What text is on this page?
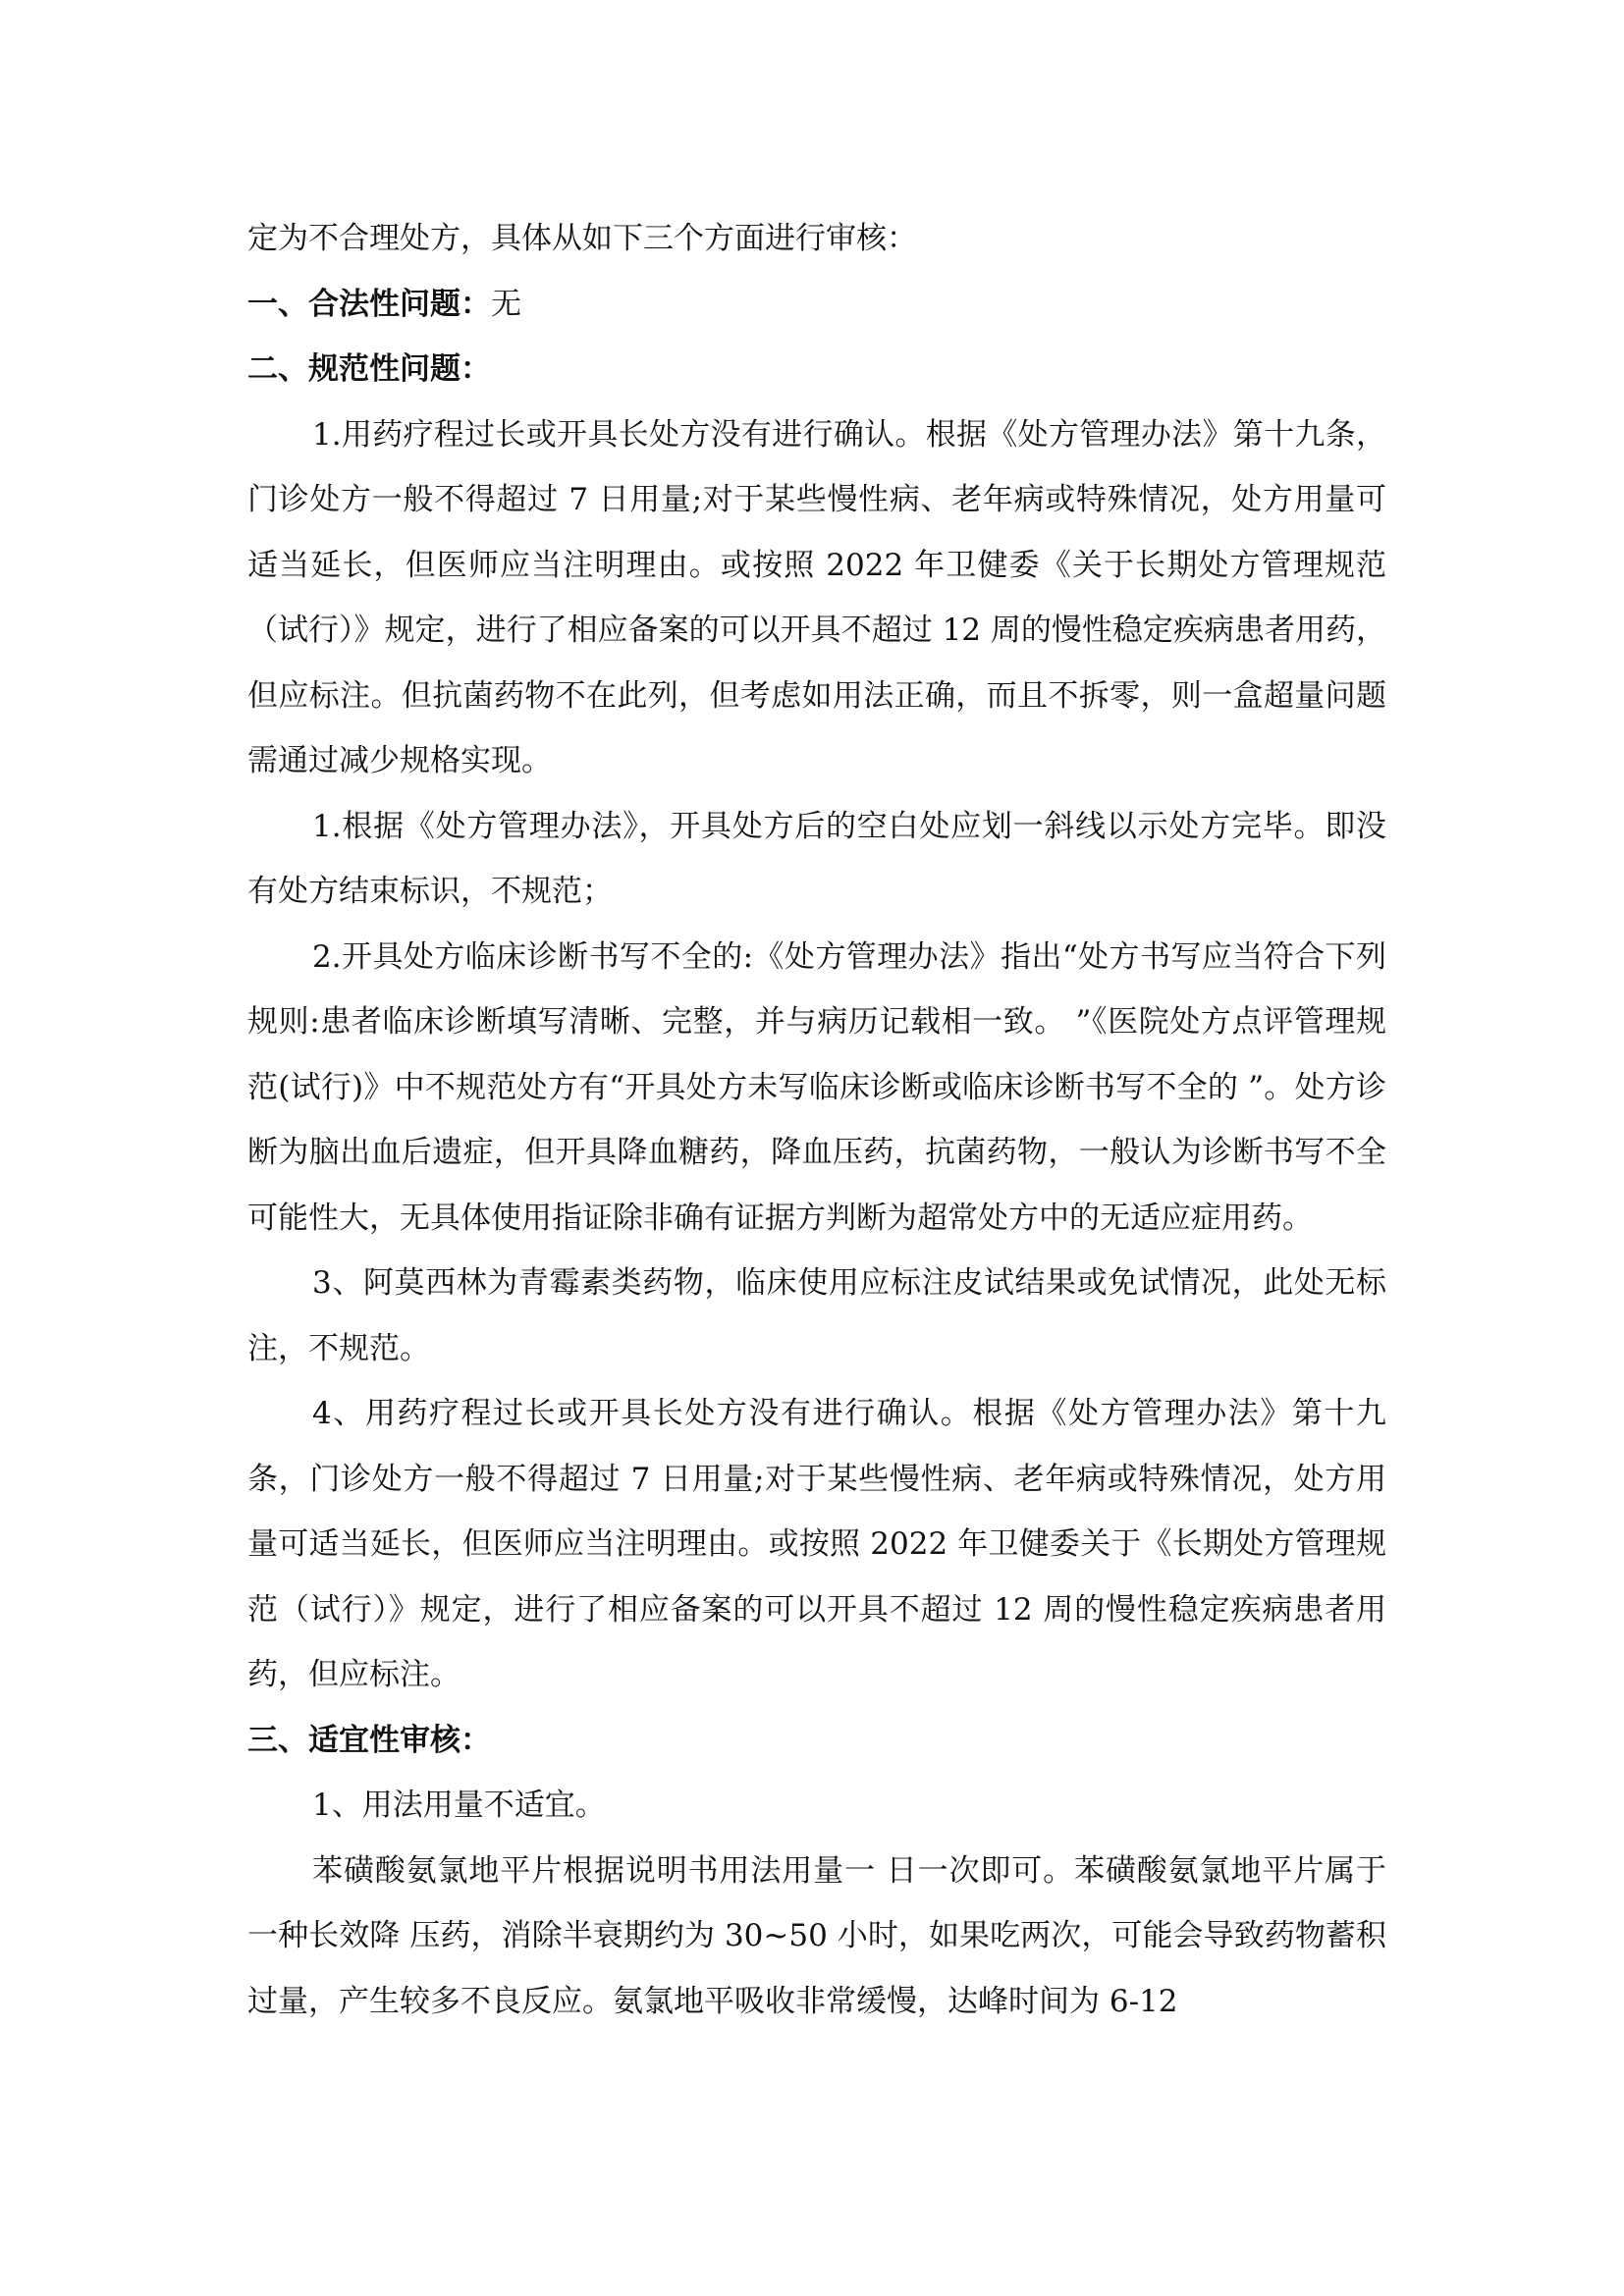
定为不合理处方，具体从如下三个方面进行审核：

一、合法性问题：无

二、规范性问题：

1.用药疗程过长或开具长处方没有进行确认。根据《处方管理办法》第十九条，门诊处方一般不得超过 7 日用量;对于某些慢性病、老年病或特殊情况，处方用量可适当延长，但医师应当注明理由。或按照 2022 年卫健委《关于长期处方管理规范（试行）》规定，进行了相应备案的可以开具不超过 12 周的慢性稳定疾病患者用药，但应标注。但抗菌药物不在此列，但考虑如用法正确，而且不拆零，则一盒超量问题需通过减少规格实现。

1.根据《处方管理办法》，开具处方后的空白处应划一斜线以示处方完毕。即没有处方结束标识，不规范；

2.开具处方临床诊断书写不全的:《处方管理办法》指出“处方书写应当符合下列规则:患者临床诊断填写清晰、完整，并与病历记载相一致。 ”《医院处方点评管理规范(试行)》中不规范处方有“开具处方未写临床诊断或临床诊断书写不全的 ”。处方诊断为脑出血后遗症，但开具降血糖药，降血压药，抗菌药物，一般认为诊断书写不全可能性大，无具体使用指证除非确有证据方判断为超常处方中的无适应症用药。

3、阿莫西林为青霉素类药物，临床使用应标注皮试结果或免试情况，此处无标注，不规范。

4、用药疗程过长或开具长处方没有进行确认。根据《处方管理办法》第十九条，门诊处方一般不得超过 7 日用量;对于某些慢性病、老年病或特殊情况，处方用量可适当延长，但医师应当注明理由。或按照 2022 年卫健委关于《长期处方管理规范（试行）》规定，进行了相应备案的可以开具不超过 12 周的慢性稳定疾病患者用药，但应标注。

三、适宜性审核：

1、用法用量不适宜。

苯磺酸氨氯地平片根据说明书用法用量一 日一次即可。苯磺酸氨氯地平片属于一种长效降 压药，消除半衰期约为 30~50 小时，如果吃两次，可能会导致药物蓄积过量，产生较多不良反应。氨氯地平吸收非常缓慢，达峰时间为 6-12
